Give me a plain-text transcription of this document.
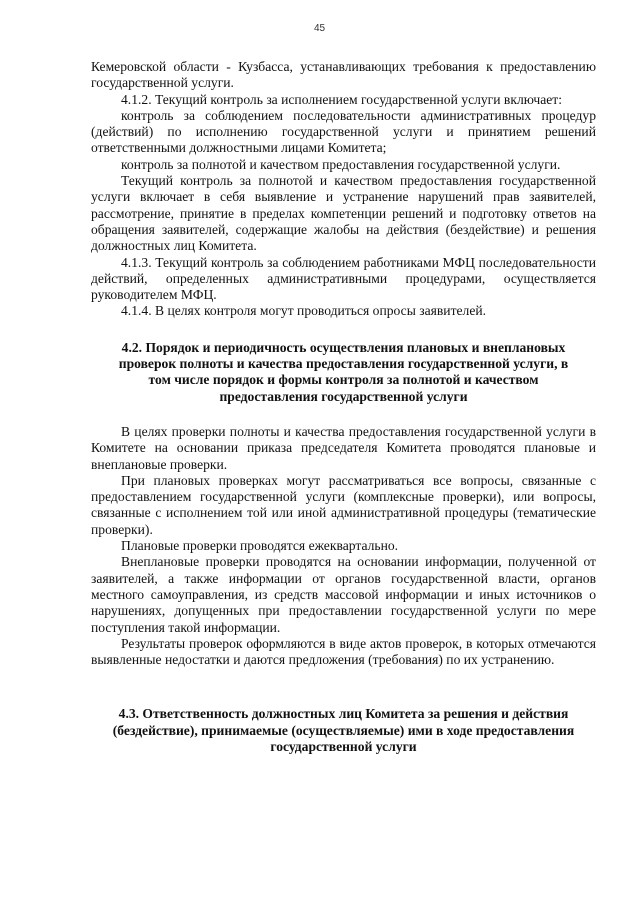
45

Кемеровской области - Кузбасса, устанавливающих требования к предоставлению государственной услуги.

4.1.2. Текущий контроль за исполнением государственной услуги включает:

контроль за соблюдением последовательности административных процедур (действий) по исполнению государственной услуги и принятием решений ответственными должностными лицами Комитета;

контроль за полнотой и качеством предоставления государственной услуги.

Текущий контроль за полнотой и качеством предоставления государственной услуги включает в себя выявление и устранение нарушений прав заявителей, рассмотрение, принятие в пределах компетенции решений и подготовку ответов на обращения заявителей, содержащие жалобы на действия (бездействие) и решения должностных лиц Комитета.

4.1.3. Текущий контроль за соблюдением работниками МФЦ последовательности действий, определенных административными процедурами, осуществляется руководителем МФЦ.

4.1.4. В целях контроля могут проводиться опросы заявителей.

4.2. Порядок и периодичность осуществления плановых и внеплановых проверок полноты и качества предоставления государственной услуги, в том числе порядок и формы контроля за полнотой и качеством предоставления государственной услуги

В целях проверки полноты и качества предоставления государственной услуги в Комитете на основании приказа председателя Комитета проводятся плановые и внеплановые проверки.

При плановых проверках могут рассматриваться все вопросы, связанные с предоставлением государственной услуги (комплексные проверки), или вопросы, связанные с исполнением той или иной административной процедуры (тематические проверки).

Плановые проверки проводятся ежеквартально.

Внеплановые проверки проводятся на основании информации, полученной от заявителей, а также информации от органов государственной власти, органов местного самоуправления, из средств массовой информации и иных источников о нарушениях, допущенных при предоставлении государственной услуги по мере поступления такой информации.

Результаты проверок оформляются в виде актов проверок, в которых отмечаются выявленные недостатки и даются предложения (требования) по их устранению.

4.3. Ответственность должностных лиц Комитета за решения и действия (бездействие), принимаемые (осуществляемые) ими в ходе предоставления государственной услуги
